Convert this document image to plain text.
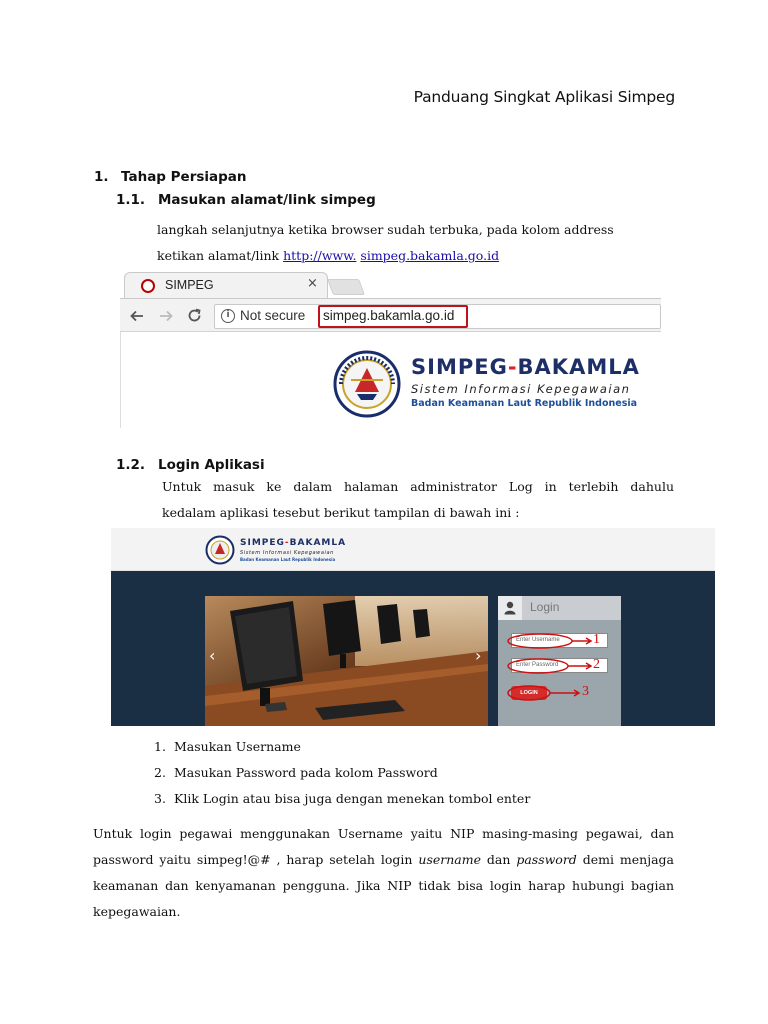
Panduang Singkat Aplikasi Simpeg
1. Tahap Persiapan
1.1. Masukan alamat/link simpeg
langkah selanjutnya ketika browser sudah terbuka, pada kolom address
ketikan alamat/link http://www. simpeg.bakamla.go.id
SIMPEG	×
i Not secure simpeg.bakamla.go.id
SIMPEG-BAKAMLA
Sistem Informasi Kepegawaian
Badan Keamanan Laut Republik Indonesia
1.2. Login Aplikasi
Untuk masuk ke dalam halaman administrator Log in terlebih dahulu
kedalam aplikasi tesebut berikut tampilan di bawah ini :
SIMPEG-BAKAMLA
Sistem Informasi Kepegawaian
Badan Keamanan Laut Republik Indonesia
‹	›
Login
Enter Username
Enter Password
LOGIN
1
2
3
1. Masukan Username
2. Masukan Password pada kolom Password
3. Klik Login atau bisa juga dengan menekan tombol enter
Untuk login pegawai menggunakan Username yaitu NIP masing-masing pegawai, dan
password yaitu simpeg!@# , harap setelah login username dan password demi menjaga
keamanan dan kenyamanan pengguna. Jika NIP tidak bisa login harap hubungi bagian
kepegawaian.
